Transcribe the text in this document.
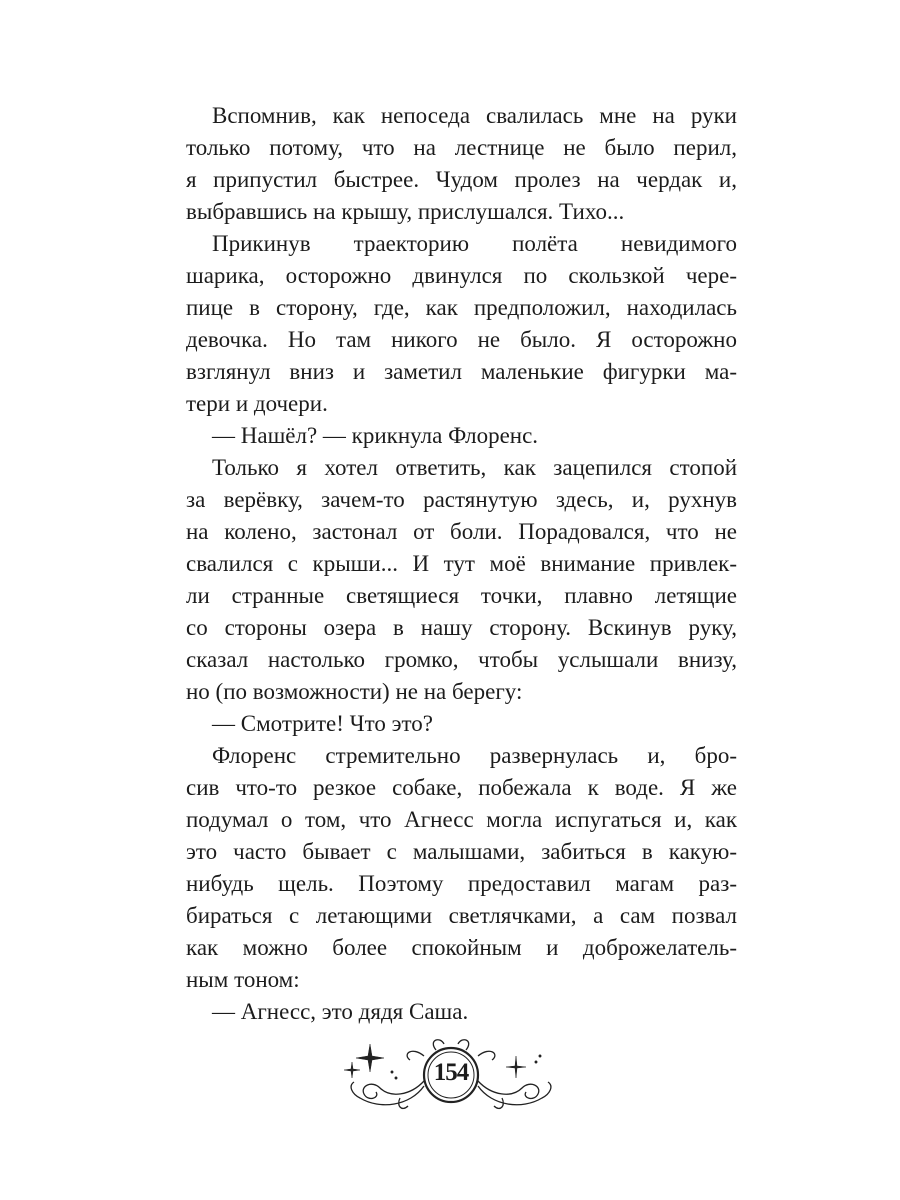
Вспомнив, как непоседа свалилась мне на руки
только потому, что на лестнице не было перил,
я припустил быстрее. Чудом пролез на чердак и,
выбравшись на крышу, прислушался. Тихо...
Прикинув траекторию полёта невидимого
шарика, осторожно двинулся по скользкой чере-
пице в сторону, где, как предположил, находилась
девочка. Но там никого не было. Я осторожно
взглянул вниз и заметил маленькие фигурки ма-
тери и дочери.
— Нашёл? — крикнула Флоренс.
Только я хотел ответить, как зацепился стопой
за верёвку, зачем-то растянутую здесь, и, рухнув
на колено, застонал от боли. Порадовался, что не
свалился с крыши... И тут моё внимание привлек-
ли странные светящиеся точки, плавно летящие
со стороны озера в нашу сторону. Вскинув руку,
сказал настолько громко, чтобы услышали внизу,
но (по возможности) не на берегу:
— Смотрите! Что это?
Флоренс стремительно развернулась и, бро-
сив что-то резкое собаке, побежала к воде. Я же
подумал о том, что Агнесс могла испугаться и, как
это часто бывает с малышами, забиться в какую-
нибудь щель. Поэтому предоставил магам раз-
бираться с летающими светлячками, а сам позвал
как можно более спокойным и доброжелатель-
ным тоном:
— Агнесс, это дядя Саша.
154
